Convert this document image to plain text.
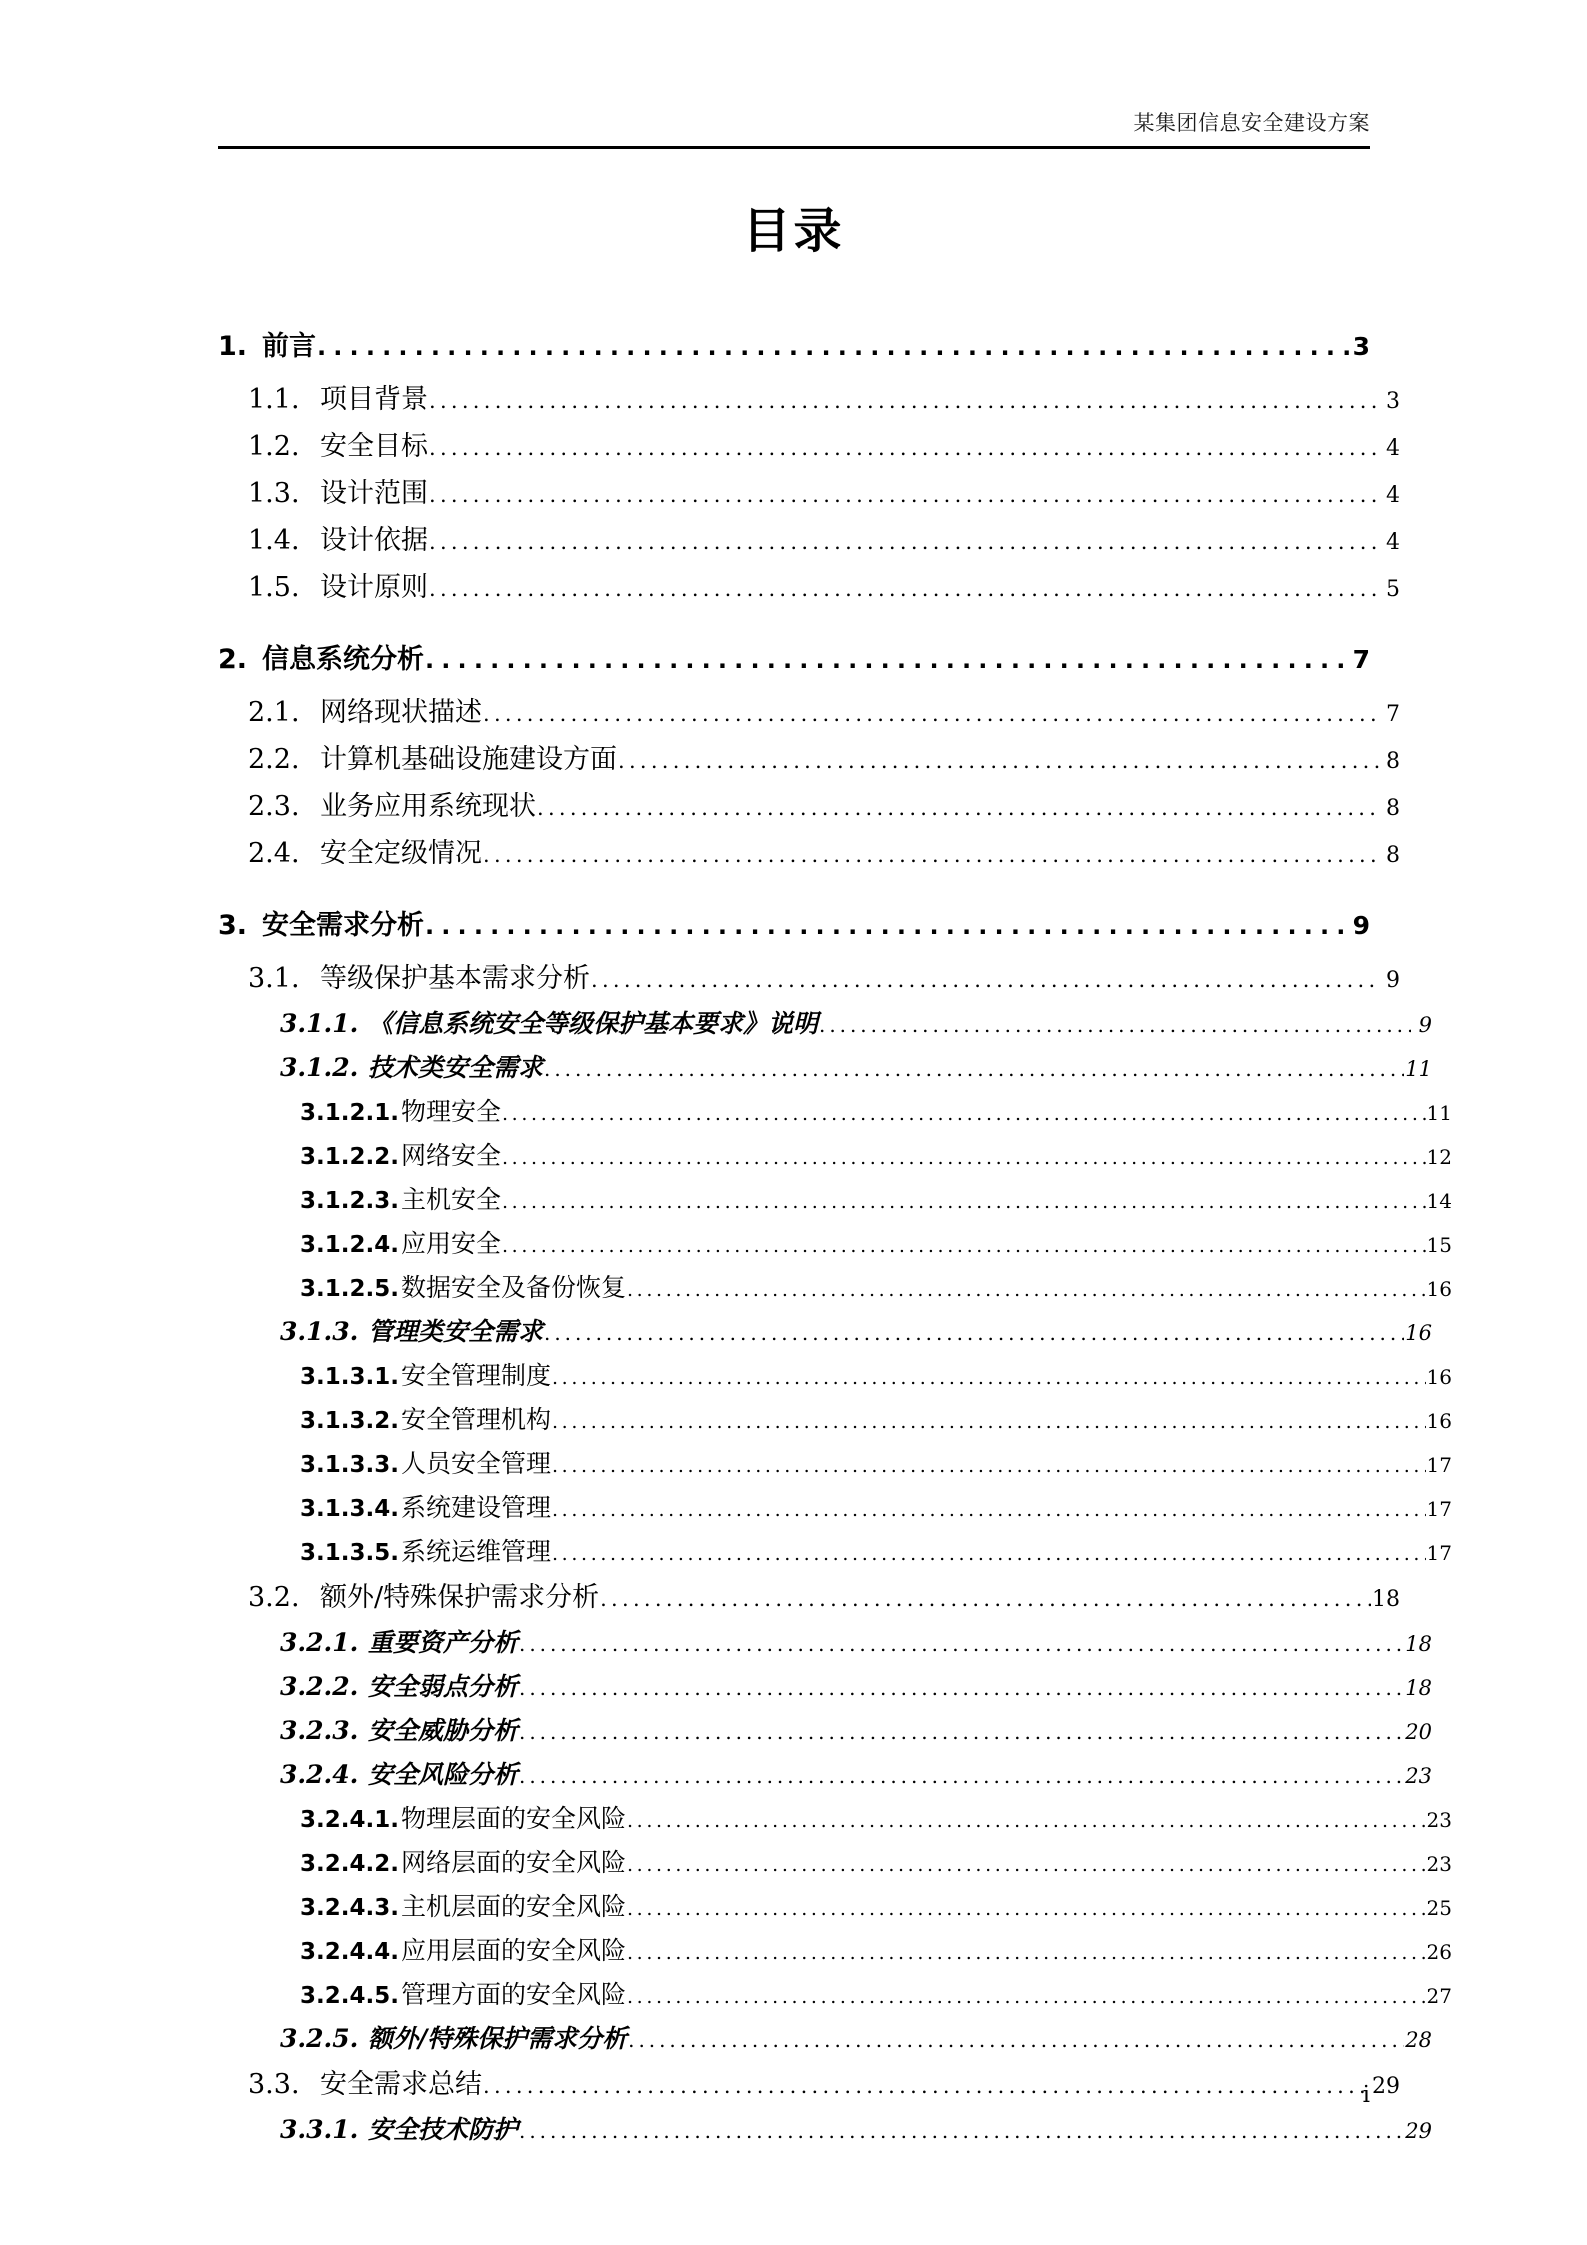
某集团信息安全建设方案
目录
1. 前言 . . .	3
1.1. 项目背景 . . .	3
1.2. 安全目标 . . .	4
1.3. 设计范围 . . .	4
1.4. 设计依据 . . .	4
1.5. 设计原则 . . .	5
2. 信息系统分析 . . .	7
2.1. 网络现状描述 . . .	7
2.2. 计算机基础设施建设方面 . . .	8
2.3. 业务应用系统现状 . . .	8
2.4. 安全定级情况 . . .	8
3. 安全需求分析 . . .	9
3.1. 等级保护基本需求分析 . . .	9
3.1.1. 《信息系统安全等级保护基本要求》说明 . . .	9
3.1.2. 技术类安全需求 . . .	11
3.1.2.1. 物理安全 . . .	11
3.1.2.2. 网络安全 . . .	12
3.1.2.3. 主机安全 . . .	14
3.1.2.4. 应用安全 . . .	15
3.1.2.5. 数据安全及备份恢复 . . .	16
3.1.3. 管理类安全需求 . . .	16
3.1.3.1. 安全管理制度 . . .	16
3.1.3.2. 安全管理机构 . . .	16
3.1.3.3. 人员安全管理 . . .	17
3.1.3.4. 系统建设管理 . . .	17
3.1.3.5. 系统运维管理 . . .	17
3.2. 额外/特殊保护需求分析 . . .	18
3.2.1. 重要资产分析 . . .	18
3.2.2. 安全弱点分析 . . .	18
3.2.3. 安全威胁分析 . . .	20
3.2.4. 安全风险分析 . . .	23
3.2.4.1. 物理层面的安全风险 . . .	23
3.2.4.2. 网络层面的安全风险 . . .	23
3.2.4.3. 主机层面的安全风险 . . .	25
3.2.4.4. 应用层面的安全风险 . . .	26
3.2.4.5. 管理方面的安全风险 . . .	27
3.2.5. 额外/特殊保护需求分析 . . .	28
3.3. 安全需求总结 . . .	29
3.3.1. 安全技术防护 . . .	29
i
